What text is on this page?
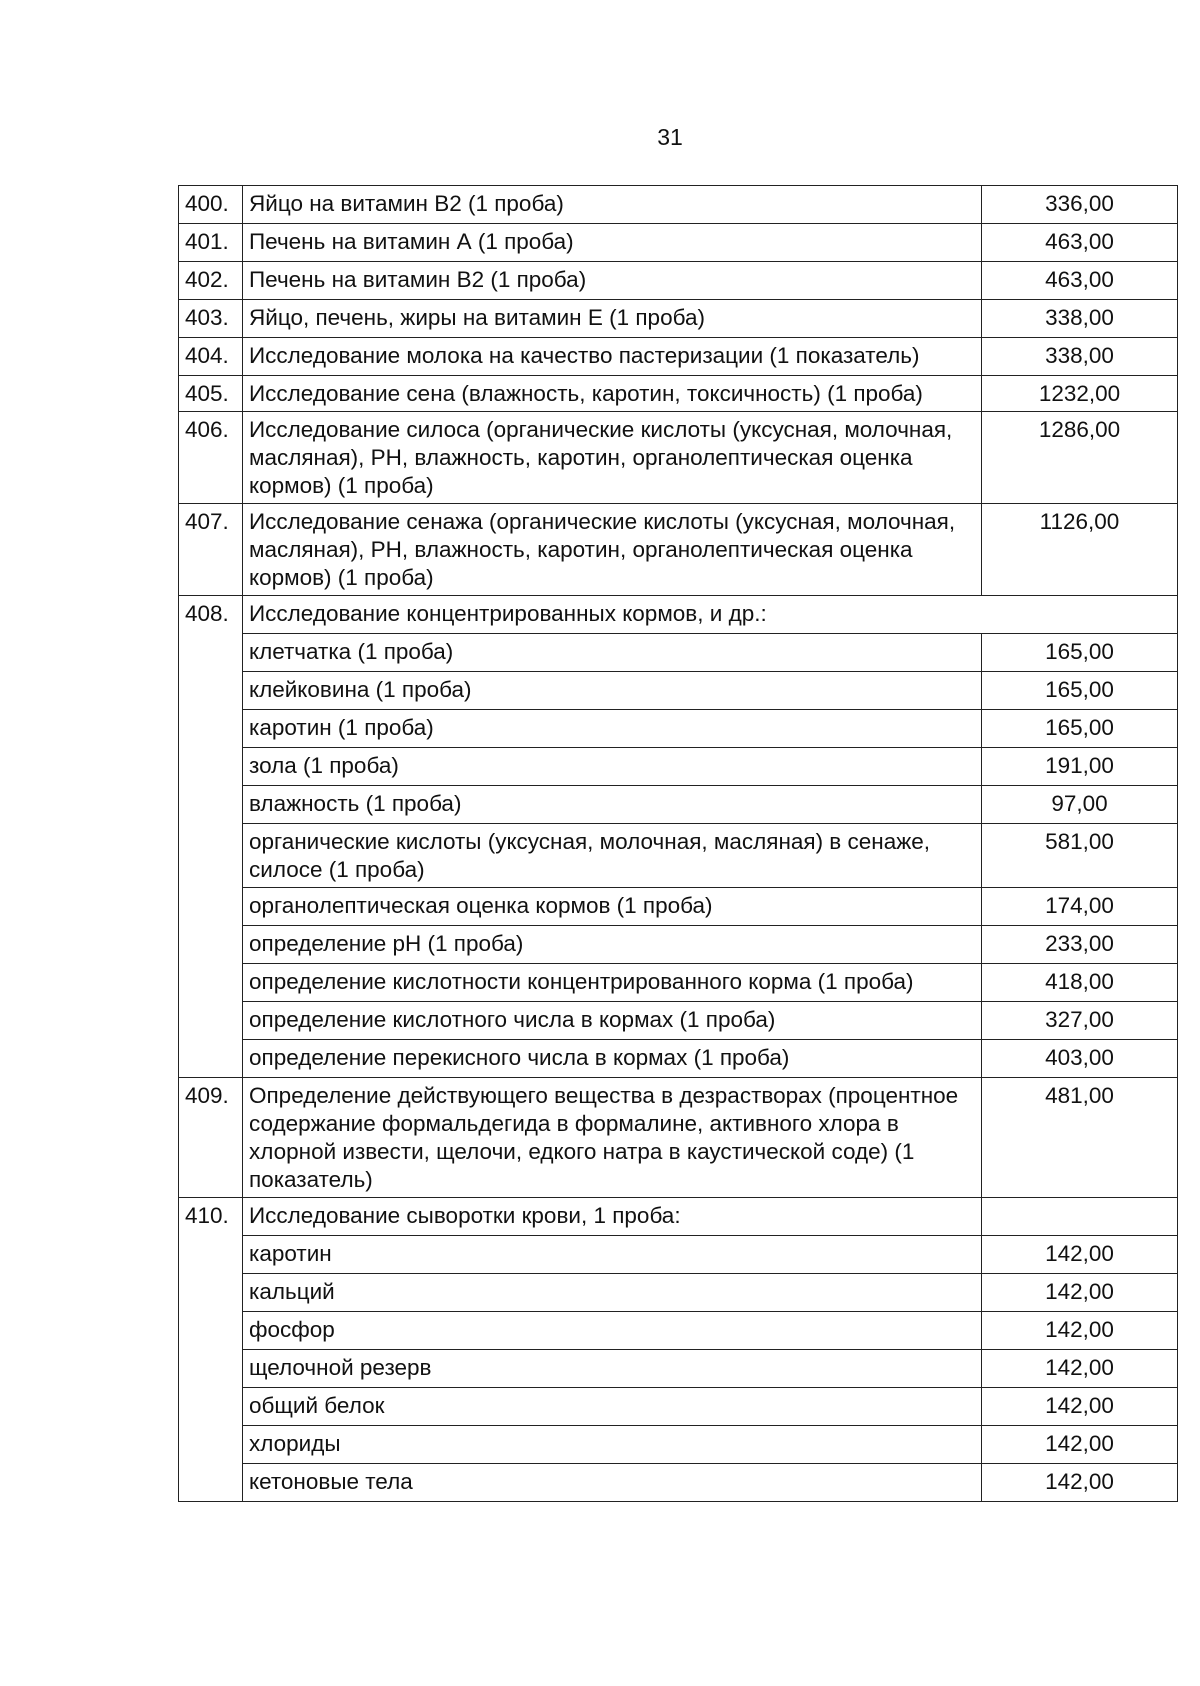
31
400.	Яйцо на витамин В2 (1 проба)	336,00
401.	Печень на витамин А (1 проба)	463,00
402.	Печень на витамин В2 (1 проба)	463,00
403.	Яйцо, печень, жиры на витамин Е (1 проба)	338,00
404.	Исследование молока на качество пастеризации (1 показатель)	338,00
405.	Исследование сена (влажность, каротин, токсичность) (1 проба)	1232,00
406.	Исследование силоса (органические кислоты (уксусная, молочная, масляная), РН, влажность, каротин, органолептическая оценка кормов) (1 проба)	1286,00
407.	Исследование сенажа (органические кислоты (уксусная, молочная, масляная), РН, влажность, каротин, органолептическая оценка кормов) (1 проба)	1126,00
408.	Исследование концентрированных кормов, и др.:	
	клетчатка (1 проба)	165,00
	клейковина (1 проба)	165,00
	каротин (1 проба)	165,00
	зола (1 проба)	191,00
	влажность (1 проба)	97,00
	органические кислоты (уксусная, молочная, масляная) в сенаже, силосе (1 проба)	581,00
	органолептическая оценка кормов (1 проба)	174,00
	определение рН (1 проба)	233,00
	определение кислотности концентрированного корма (1 проба)	418,00
	определение кислотного числа в кормах (1 проба)	327,00
	определение перекисного числа в кормах (1 проба)	403,00
409.	Определение действующего вещества в дезрастворах (процентное содержание формальдегида в формалине, активного хлора в хлорной извести, щелочи, едкого натра в каустической соде) (1 показатель)	481,00
410.	Исследование сыворотки крови, 1 проба:	
	каротин	142,00
	кальций	142,00
	фосфор	142,00
	щелочной резерв	142,00
	общий белок	142,00
	хлориды	142,00
	кетоновые тела	142,00
